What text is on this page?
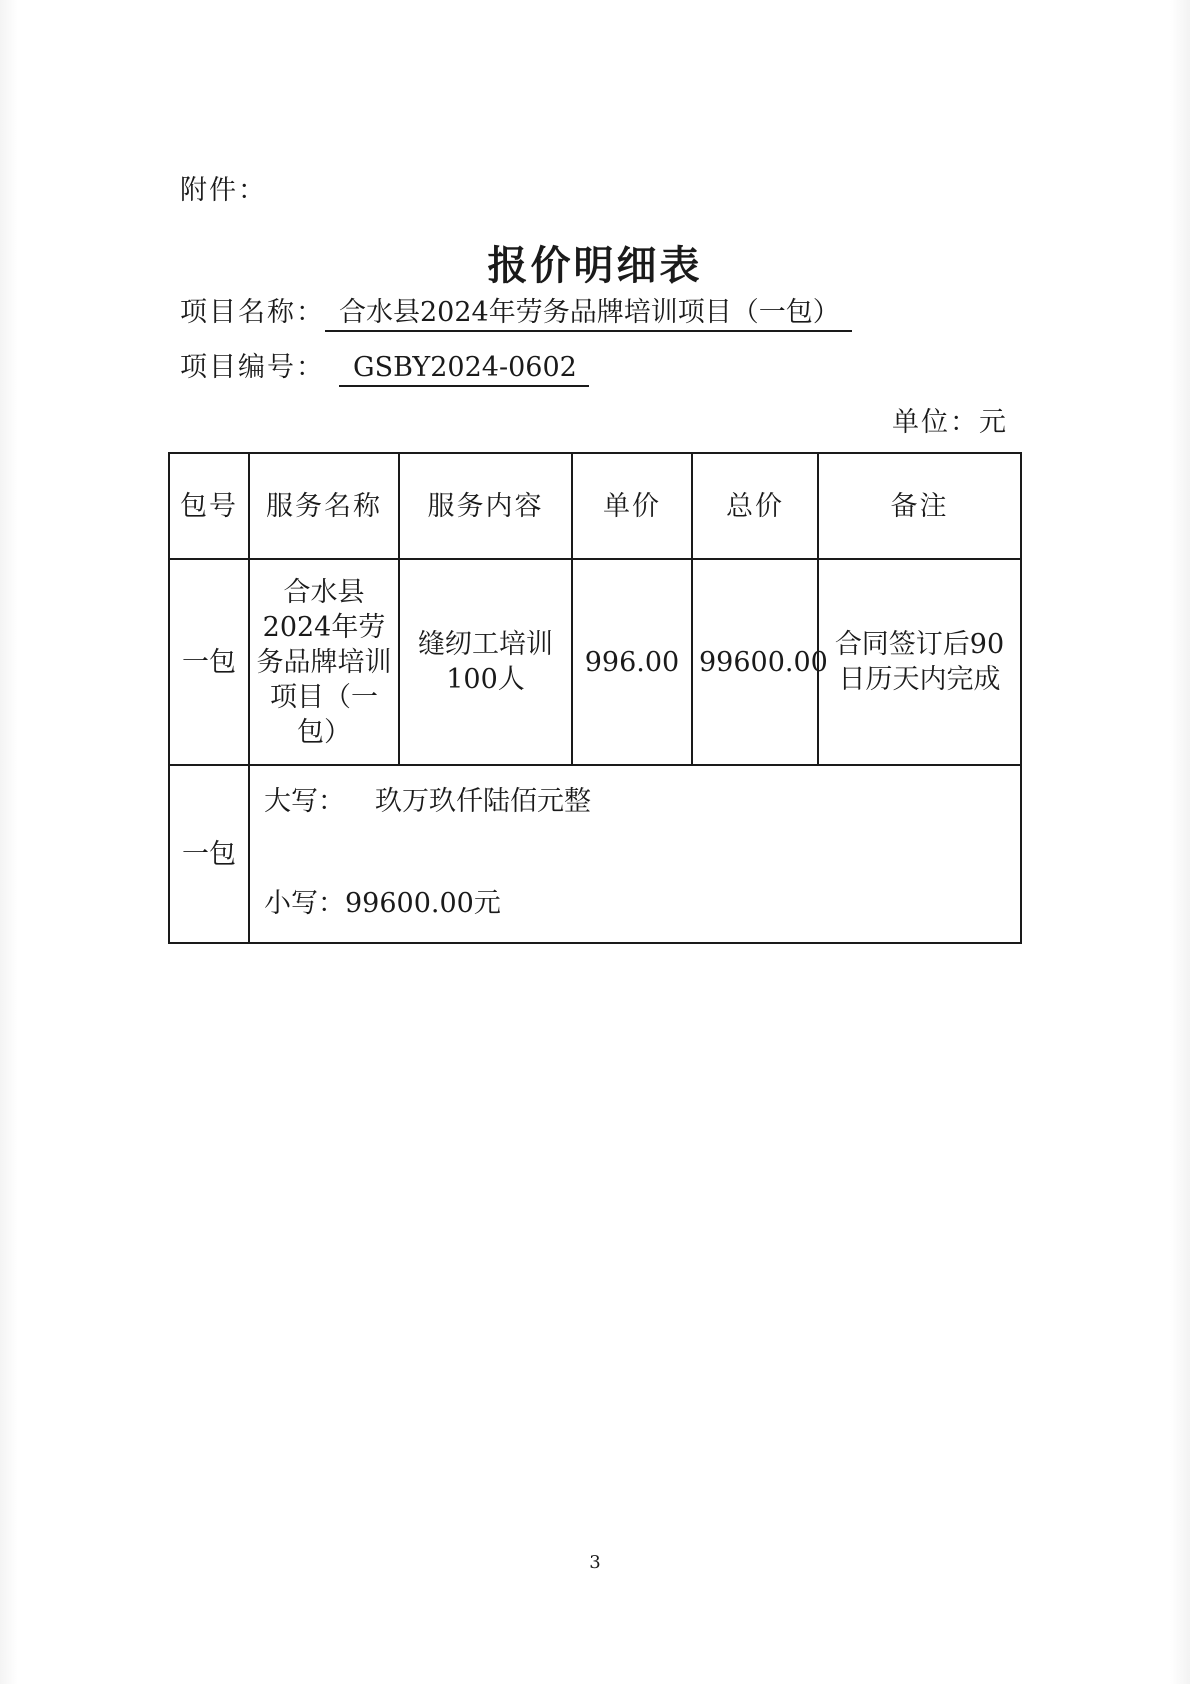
附件：
报价明细表
项目名称： 合水县2024年劳务品牌培训项目（一包）
项目编号： GSBY2024-0602
单位：元
包号	服务名称	服务内容	单价	总价	备注
一包	合水县2024年劳务品牌培训项目（一包）	缝纫工培训100人	996.00	99600.00	合同签订后90日历天内完成
一包	大写： 玖万玖仟陆佰元整
小写：99600.00元				
3
